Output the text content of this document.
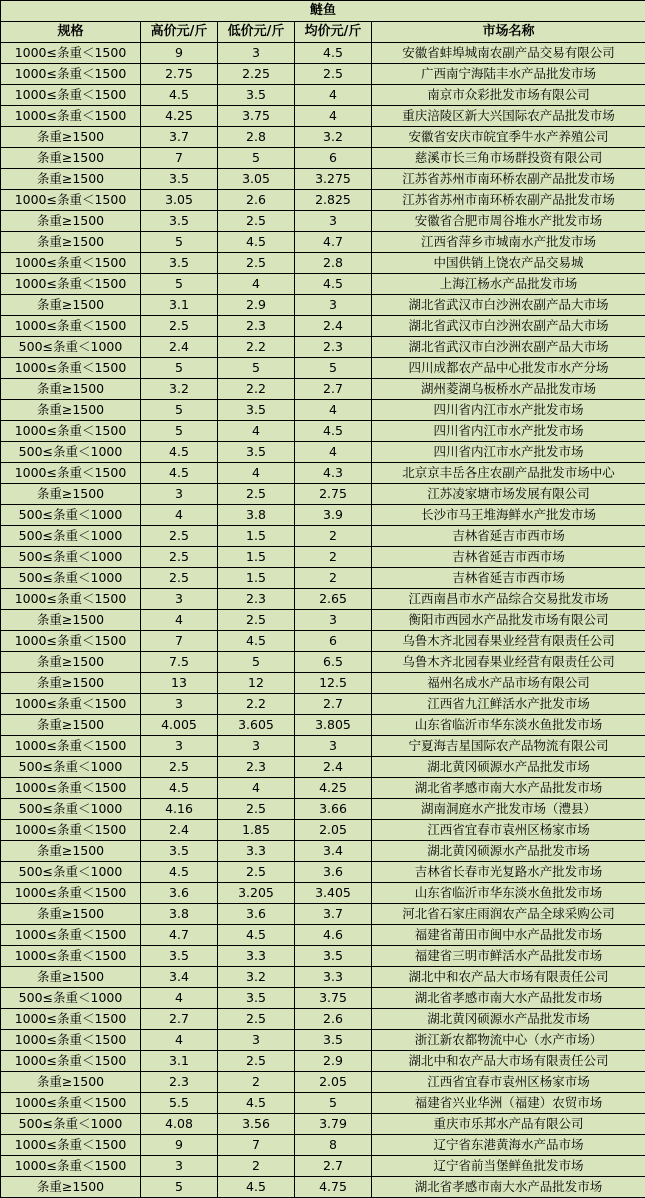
鲢鱼				
规格	高价元/斤	低价元/斤	均价元/斤	市场名称
1000≤条重＜1500	9	3	4.5	安徽省蚌埠城南农副产品交易有限公司
1000≤条重＜1500	2.75	2.25	2.5	广西南宁海陆丰水产品批发市场
1000≤条重＜1500	4.5	3.5	4	南京市众彩批发市场有限公司
1000≤条重＜1500	4.25	3.75	4	重庆涪陵区新大兴国际农产品批发市场
条重≥1500	3.7	2.8	3.2	安徽省安庆市皖宜季牛水产养殖公司
条重≥1500	7	5	6	慈溪市长三角市场群投资有限公司
条重≥1500	3.5	3.05	3.275	江苏省苏州市南环桥农副产品批发市场
1000≤条重＜1500	3.05	2.6	2.825	江苏省苏州市南环桥农副产品批发市场
条重≥1500	3.5	2.5	3	安徽省合肥市周谷堆水产批发市场
条重≥1500	5	4.5	4.7	江西省萍乡市城南水产批发市场
1000≤条重＜1500	3.5	2.5	2.8	中国供销上饶农产品交易城
1000≤条重＜1500	5	4	4.5	上海江杨水产品批发市场
条重≥1500	3.1	2.9	3	湖北省武汉市白沙洲农副产品大市场
1000≤条重＜1500	2.5	2.3	2.4	湖北省武汉市白沙洲农副产品大市场
500≤条重＜1000	2.4	2.2	2.3	湖北省武汉市白沙洲农副产品大市场
1000≤条重＜1500	5	5	5	四川成都农产品中心批发市水产分场
条重≥1500	3.2	2.2	2.7	湖州菱湖乌板桥水产品批发市场
条重≥1500	5	3.5	4	四川省内江市水产批发市场
1000≤条重＜1500	5	4	4.5	四川省内江市水产批发市场
500≤条重＜1000	4.5	3.5	4	四川省内江市水产批发市场
1000≤条重＜1500	4.5	4	4.3	北京京丰岳各庄农副产品批发市场中心
条重≥1500	3	2.5	2.75	江苏凌家塘市场发展有限公司
500≤条重＜1000	4	3.8	3.9	长沙市马王堆海鲜水产批发市场
500≤条重＜1000	2.5	1.5	2	吉林省延吉市西市场
500≤条重＜1000	2.5	1.5	2	吉林省延吉市西市场
500≤条重＜1000	2.5	1.5	2	吉林省延吉市西市场
1000≤条重＜1500	3	2.3	2.65	江西南昌市水产品综合交易批发市场
条重≥1500	4	2.5	3	衡阳市西园水产品批发市场有限公司
1000≤条重＜1500	7	4.5	6	乌鲁木齐北园春果业经营有限责任公司
条重≥1500	7.5	5	6.5	乌鲁木齐北园春果业经营有限责任公司
条重≥1500	13	12	12.5	福州名成水产品市场有限公司
1000≤条重＜1500	3	2.2	2.7	江西省九江鲜活水产批发市场
条重≥1500	4.005	3.605	3.805	山东省临沂市华东淡水鱼批发市场
1000≤条重＜1500	3	3	3	宁夏海吉星国际农产品物流有限公司
500≤条重＜1000	2.5	2.3	2.4	湖北黄冈硕源水产品批发市场
1000≤条重＜1500	4.5	4	4.25	湖北省孝感市南大水产品批发市场
500≤条重＜1000	4.16	2.5	3.66	湖南洞庭水产批发市场（澧县）
1000≤条重＜1500	2.4	1.85	2.05	江西省宜春市袁州区杨家市场
条重≥1500	3.5	3.3	3.4	湖北黄冈硕源水产品批发市场
500≤条重＜1000	4.5	2.5	3.6	吉林省长春市光复路水产批发市场
1000≤条重＜1500	3.6	3.205	3.405	山东省临沂市华东淡水鱼批发市场
条重≥1500	3.8	3.6	3.7	河北省石家庄雨润农产品全球采购公司
1000≤条重＜1500	4.7	4.5	4.6	福建省莆田市闽中水产品批发市场
1000≤条重＜1500	3.5	3.3	3.5	福建省三明市鲜活水产品批发市场
条重≥1500	3.4	3.2	3.3	湖北中和农产品大市场有限责任公司
500≤条重＜1000	4	3.5	3.75	湖北省孝感市南大水产品批发市场
1000≤条重＜1500	2.7	2.5	2.6	湖北黄冈硕源水产品批发市场
1000≤条重＜1500	4	3	3.5	浙江新农都物流中心（水产市场）
1000≤条重＜1500	3.1	2.5	2.9	湖北中和农产品大市场有限责任公司
条重≥1500	2.3	2	2.05	江西省宜春市袁州区杨家市场
1000≤条重＜1500	5.5	4.5	5	福建省兴业华洲（福建）农贸市场
500≤条重＜1000	4.08	3.56	3.79	重庆市乐邦水产品有限公司
1000≤条重＜1500	9	7	8	辽宁省东港黄海水产品市场
1000≤条重＜1500	3	2	2.7	辽宁省前当堡鲜鱼批发市场
条重≥1500	5	4.5	4.75	湖北省孝感市南大水产品批发市场
